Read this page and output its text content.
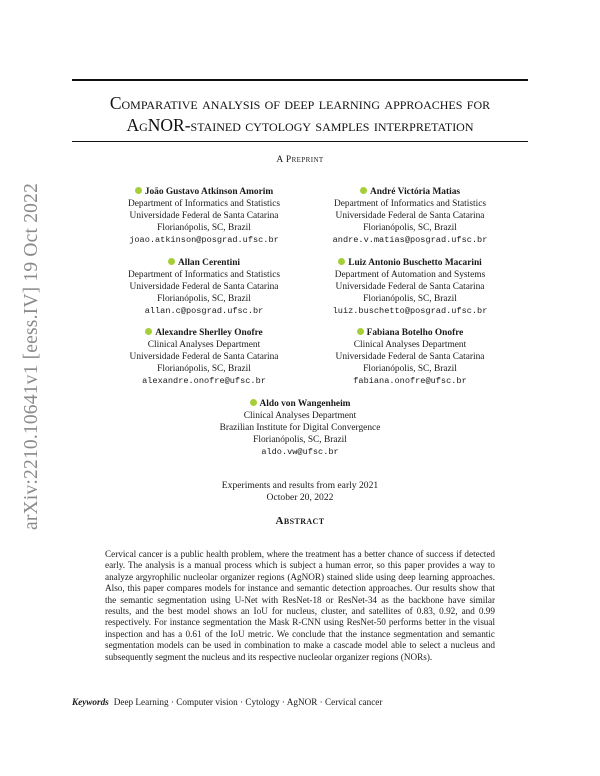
arXiv:2210.10641v1 [eess.IV] 19 Oct 2022
Comparative analysis of deep learning approaches for
AgNOR-stained cytology samples interpretation
A Preprint
João Gustavo Atkinson Amorim
Department of Informatics and Statistics
Universidade Federal de Santa Catarina
Florianópolis, SC, Brazil
joao.atkinson@posgrad.ufsc.br
André Victória Matias
Department of Informatics and Statistics
Universidade Federal de Santa Catarina
Florianópolis, SC, Brazil
andre.v.matias@posgrad.ufsc.br
Allan Cerentini
Department of Informatics and Statistics
Universidade Federal de Santa Catarina
Florianópolis, SC, Brazil
allan.c@posgrad.ufsc.br
Luiz Antonio Buschetto Macarini
Department of Automation and Systems
Universidade Federal de Santa Catarina
Florianópolis, SC, Brazil
luiz.buschetto@posgrad.ufsc.br
Alexandre Sherlley Onofre
Clinical Analyses Department
Universidade Federal de Santa Catarina
Florianópolis, SC, Brazil
alexandre.onofre@ufsc.br
Fabiana Botelho Onofre
Clinical Analyses Department
Universidade Federal de Santa Catarina
Florianópolis, SC, Brazil
fabiana.onofre@ufsc.br
Aldo von Wangenheim
Clinical Analyses Department
Brazilian Institute for Digital Convergence
Florianópolis, SC, Brazil
aldo.vw@ufsc.br
Experiments and results from early 2021
October 20, 2022
Abstract
Cervical cancer is a public health problem, where the treatment has a better chance of success if detected early. The analysis is a manual process which is subject a human error, so this paper provides a way to analyze argyrophilic nucleolar organizer regions (AgNOR) stained slide using deep learning approaches. Also, this paper compares models for instance and semantic detection approaches. Our results show that the semantic segmentation using U-Net with ResNet-18 or ResNet-34 as the backbone have similar results, and the best model shows an IoU for nucleus, cluster, and satellites of 0.83, 0.92, and 0.99 respectively. For instance segmentation the Mask R-CNN using ResNet-50 performs better in the visual inspection and has a 0.61 of the IoU metric. We conclude that the instance segmentation and semantic segmentation models can be used in combination to make a cascade model able to select a nucleus and subsequently segment the nucleus and its respective nucleolar organizer regions (NORs).
Keywords Deep Learning · Computer vision · Cytology · AgNOR · Cervical cancer
